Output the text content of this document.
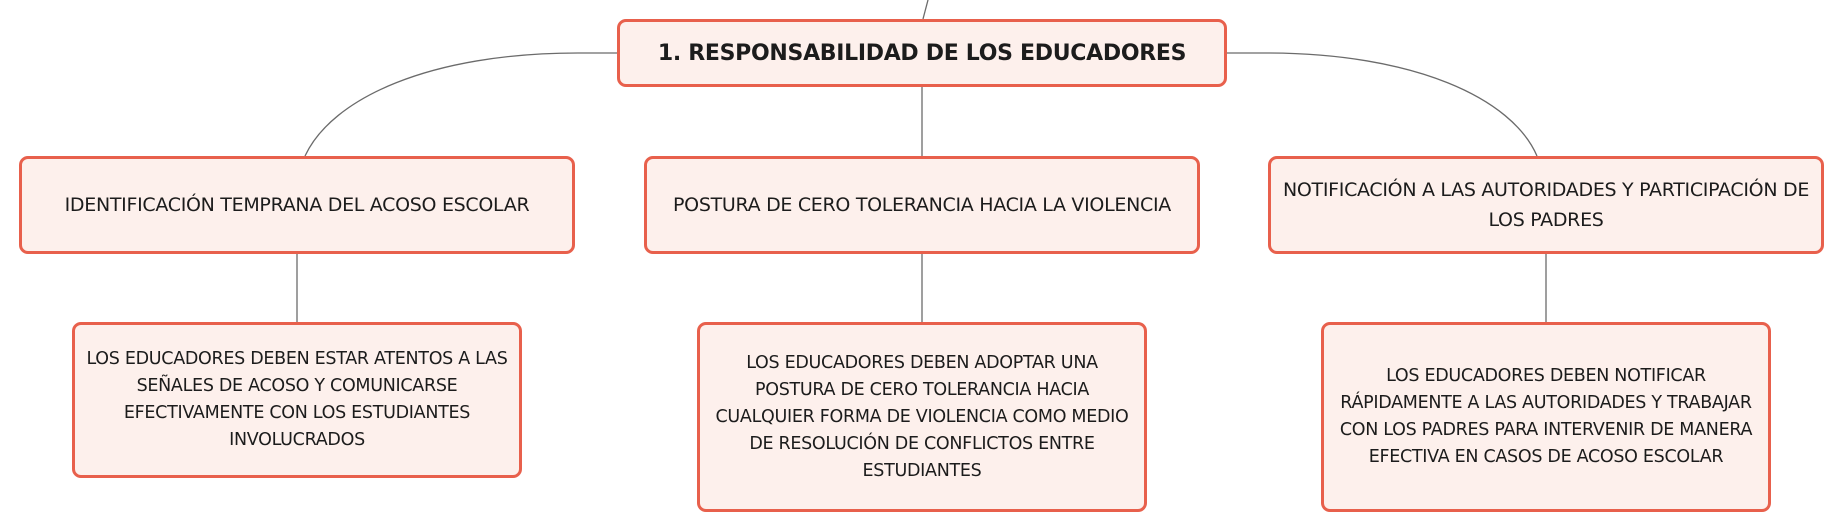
1. RESPONSABILIDAD DE LOS EDUCADORES
IDENTIFICACIÓN TEMPRANA DEL ACOSO ESCOLAR	POSTURA DE CERO TOLERANCIA HACIA LA VIOLENCIA
NOTIFICACIÓN A LAS AUTORIDADES Y PARTICIPACIÓN DE LOS PADRES
LOS EDUCADORES DEBEN ESTAR ATENTOS A LAS SEÑALES DE ACOSO Y COMUNICARSE EFECTIVAMENTE CON LOS ESTUDIANTES INVOLUCRADOS
LOS EDUCADORES DEBEN ADOPTAR UNA POSTURA DE CERO TOLERANCIA HACIA CUALQUIER FORMA DE VIOLENCIA COMO MEDIO DE RESOLUCIÓN DE CONFLICTOS ENTRE ESTUDIANTES
LOS EDUCADORES DEBEN NOTIFICAR RÁPIDAMENTE A LAS AUTORIDADES Y TRABAJAR CON LOS PADRES PARA INTERVENIR DE MANERA EFECTIVA EN CASOS DE ACOSO ESCOLAR
